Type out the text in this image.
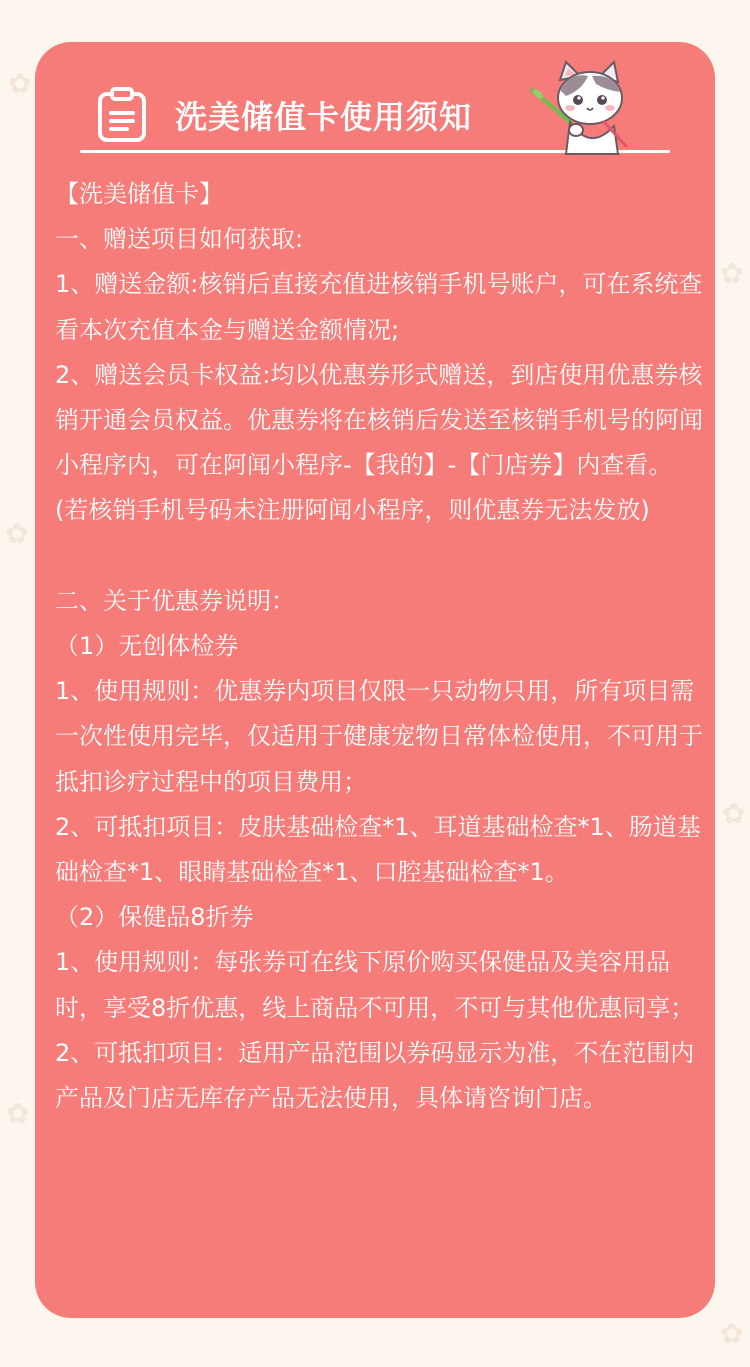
✿
✿
✿
✿
✿
✿
洗美储值卡使用须知

【洗美储值卡】

一、赠送项目如何获取:

1、赠送金额:核销后直接充值进核销手机号账户，可在系统查看本次充值本金与赠送金额情况;

2、赠送会员卡权益:均以优惠券形式赠送，到店使用优惠券核销开通会员权益。优惠券将在核销后发送至核销手机号的阿闻小程序内，可在阿闻小程序-【我的】-【门店券】内查看。

(若核销手机号码未注册阿闻小程序，则优惠券无法发放)

二、关于优惠券说明：

（1）无创体检券

1、使用规则：优惠券内项目仅限一只动物只用，所有项目需一次性使用完毕，仅适用于健康宠物日常体检使用，不可用于抵扣诊疗过程中的项目费用；

2、可抵扣项目：皮肤基础检查*1、耳道基础检查*1、肠道基础检查*1、眼睛基础检查*1、口腔基础检查*1。

（2）保健品8折券

1、使用规则：每张券可在线下原价购买保健品及美容用品时，享受8折优惠，线上商品不可用，不可与其他优惠同享；

2、可抵扣项目：适用产品范围以券码显示为准，不在范围内产品及门店无库存产品无法使用，具体请咨询门店。
